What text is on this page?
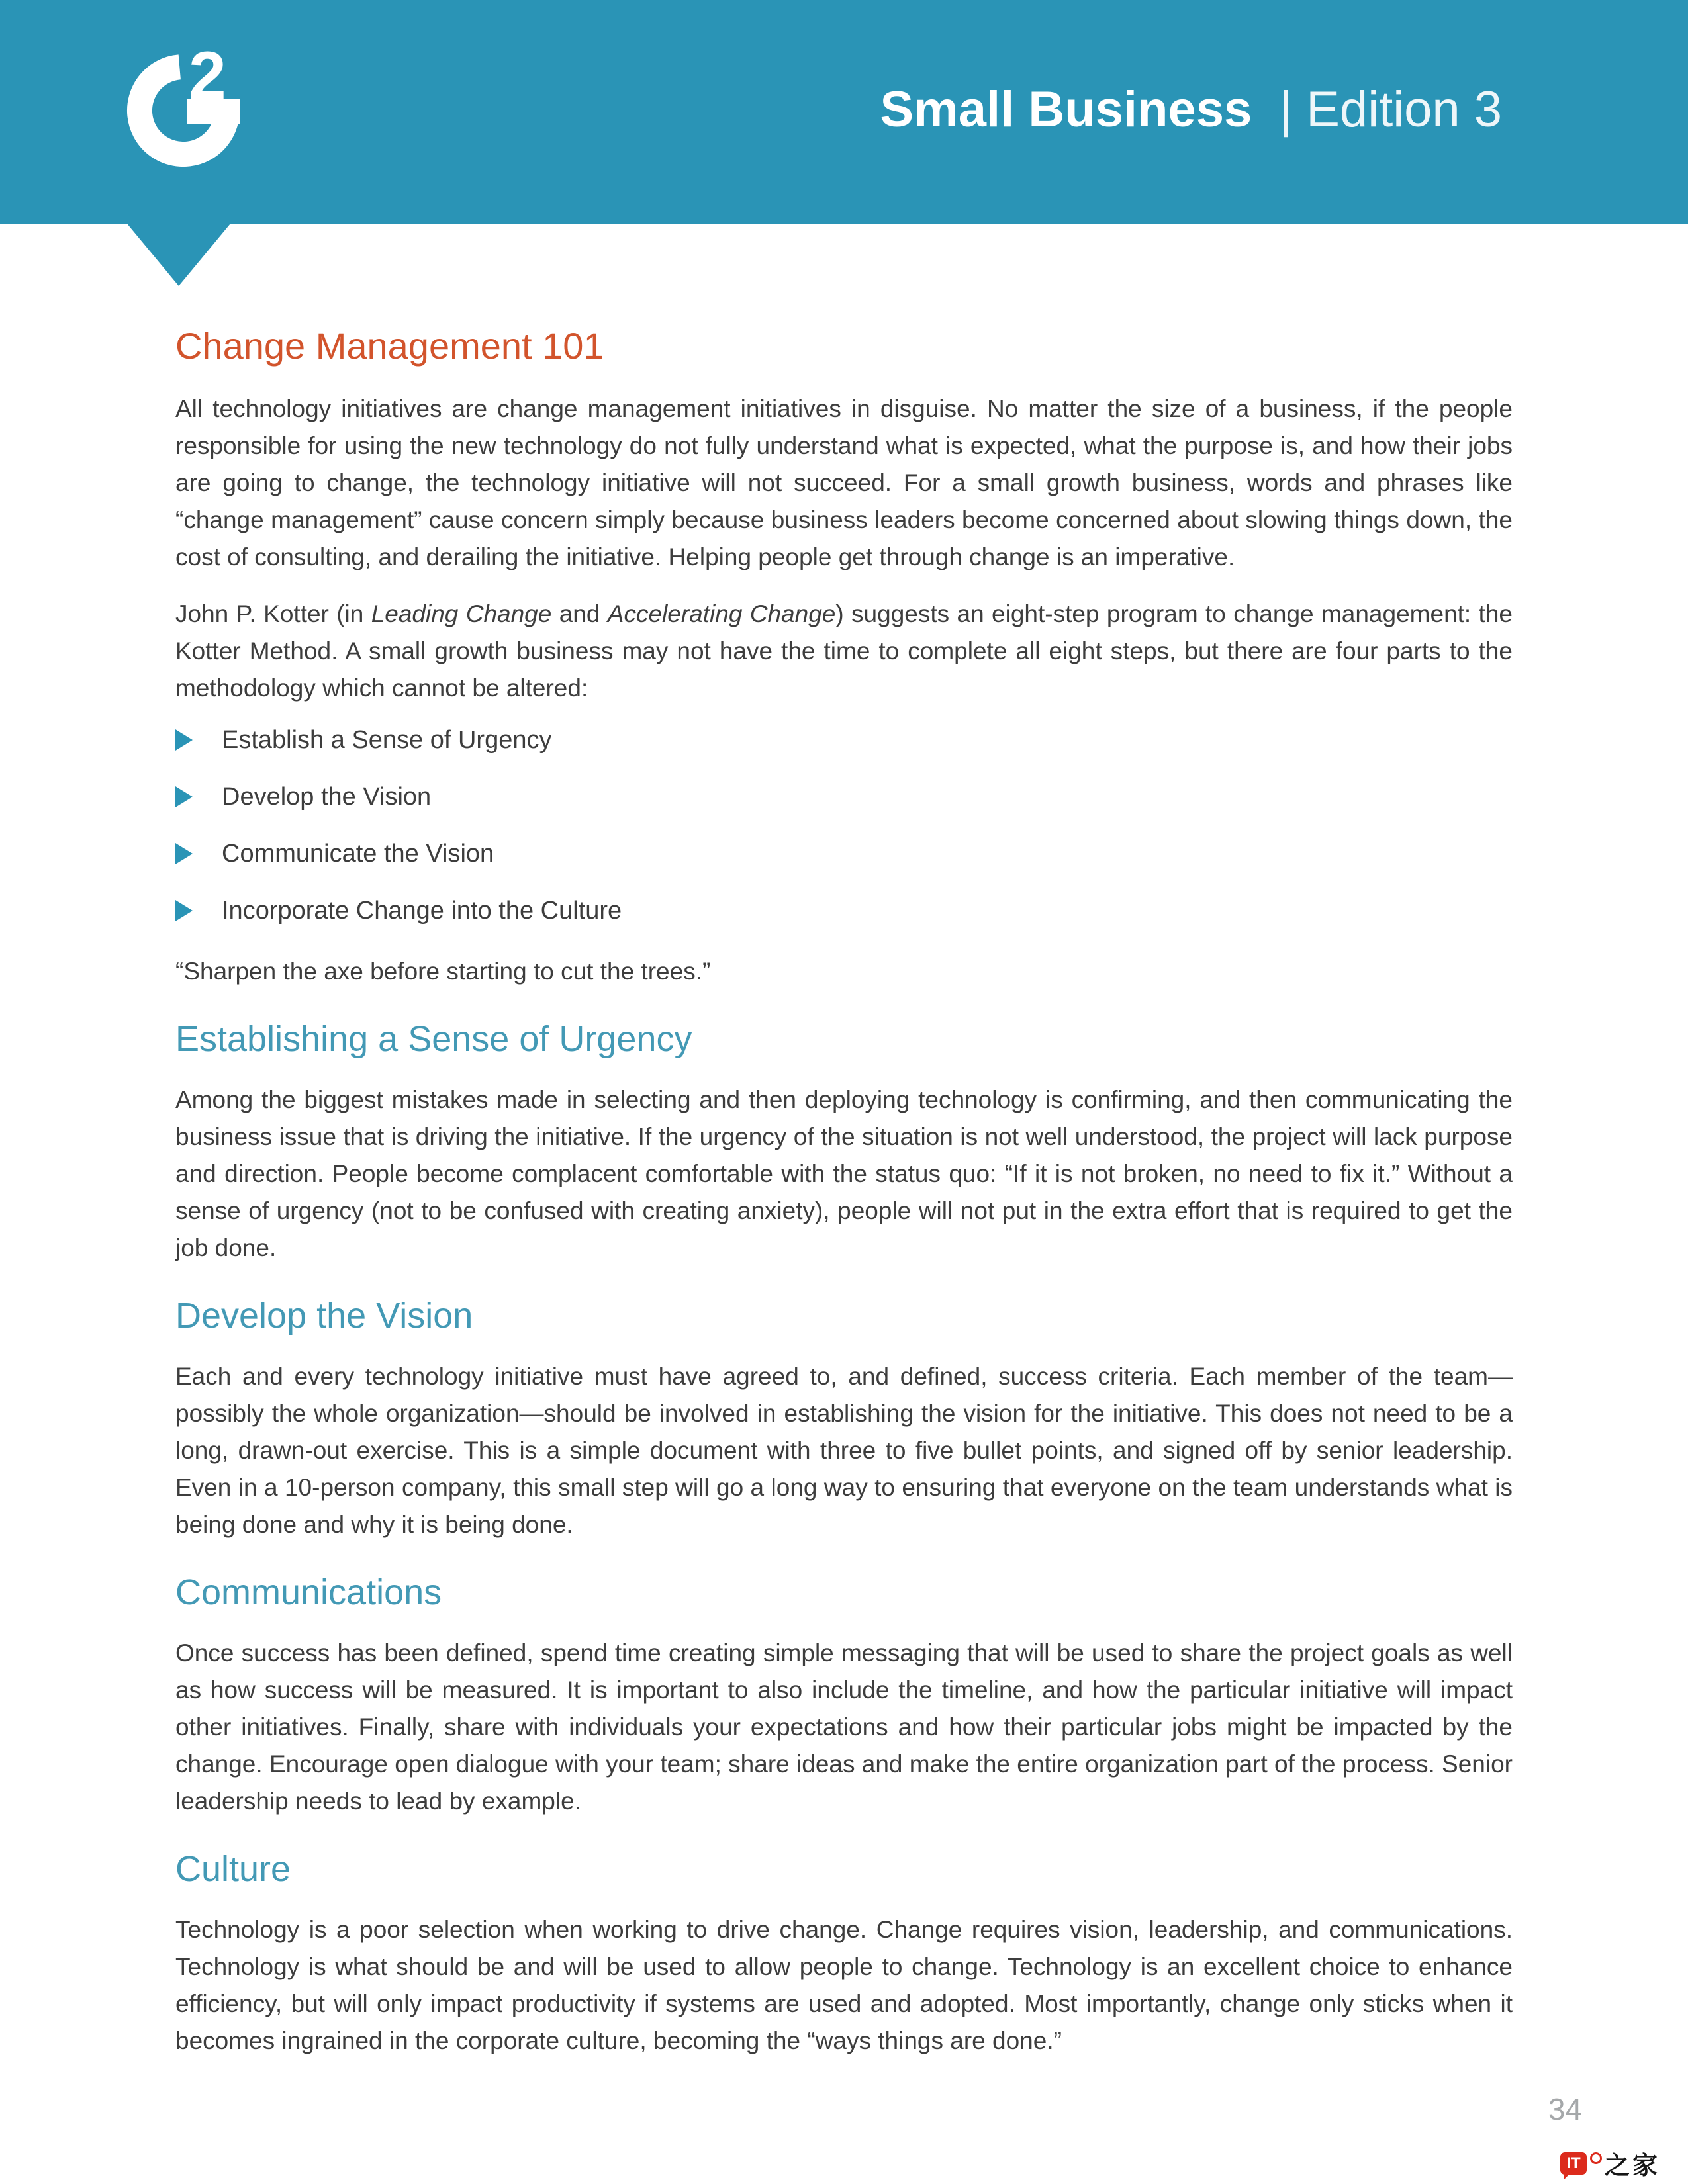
2	Small Business | Edition 3
Change Management 101

All technology initiatives are change management initiatives in disguise. No matter the size of a business, if the people responsible for using the new technology do not fully understand what is expected, what the purpose is, and how their jobs are going to change, the technology initiative will not succeed. For a small growth business, words and phrases like “change management” cause concern simply because business leaders become concerned about slowing things down, the cost of consulting, and derailing the initiative. Helping people get through change is an imperative.

John P. Kotter (in Leading Change and Accelerating Change) suggests an eight-step program to change management: the Kotter Method. A small growth business may not have the time to complete all eight steps, but there are four parts to the methodology which cannot be altered:

Establish a Sense of Urgency
Develop the Vision
Communicate the Vision
Incorporate Change into the Culture

“Sharpen the axe before starting to cut the trees.”

Establishing a Sense of Urgency

Among the biggest mistakes made in selecting and then deploying technology is confirming, and then communicating the business issue that is driving the initiative. If the urgency of the situation is not well understood, the project will lack purpose and direction. People become complacent comfortable with the status quo: “If it is not broken, no need to fix it.” Without a sense of urgency (not to be confused with creating anxiety), people will not put in the extra effort that is required to get the job done.

Develop the Vision

Each and every technology initiative must have agreed to, and defined, success criteria. Each member of the team—possibly the whole organization—should be involved in establishing the vision for the initiative. This does not need to be a long, drawn-out exercise. This is a simple document with three to five bullet points, and signed off by senior leadership. Even in a 10-person company, this small step will go a long way to ensuring that everyone on the team understands what is being done and why it is being done.

Communications

Once success has been defined, spend time creating simple messaging that will be used to share the project goals as well as how success will be measured. It is important to also include the timeline, and how the particular initiative will impact other initiatives. Finally, share with individuals your expectations and how their particular jobs might be impacted by the change. Encourage open dialogue with your team; share ideas and make the entire organization part of the process. Senior leadership needs to lead by example.

Culture

Technology is a poor selection when working to drive change. Change requires vision, leadership, and communications. Technology is what should be and will be used to allow people to change. Technology is an excellent choice to enhance efficiency, but will only impact productivity if systems are used and adopted. Most importantly, change only sticks when it becomes ingrained in the corporate culture, becoming the “ways things are done.”

34
IT 之家
